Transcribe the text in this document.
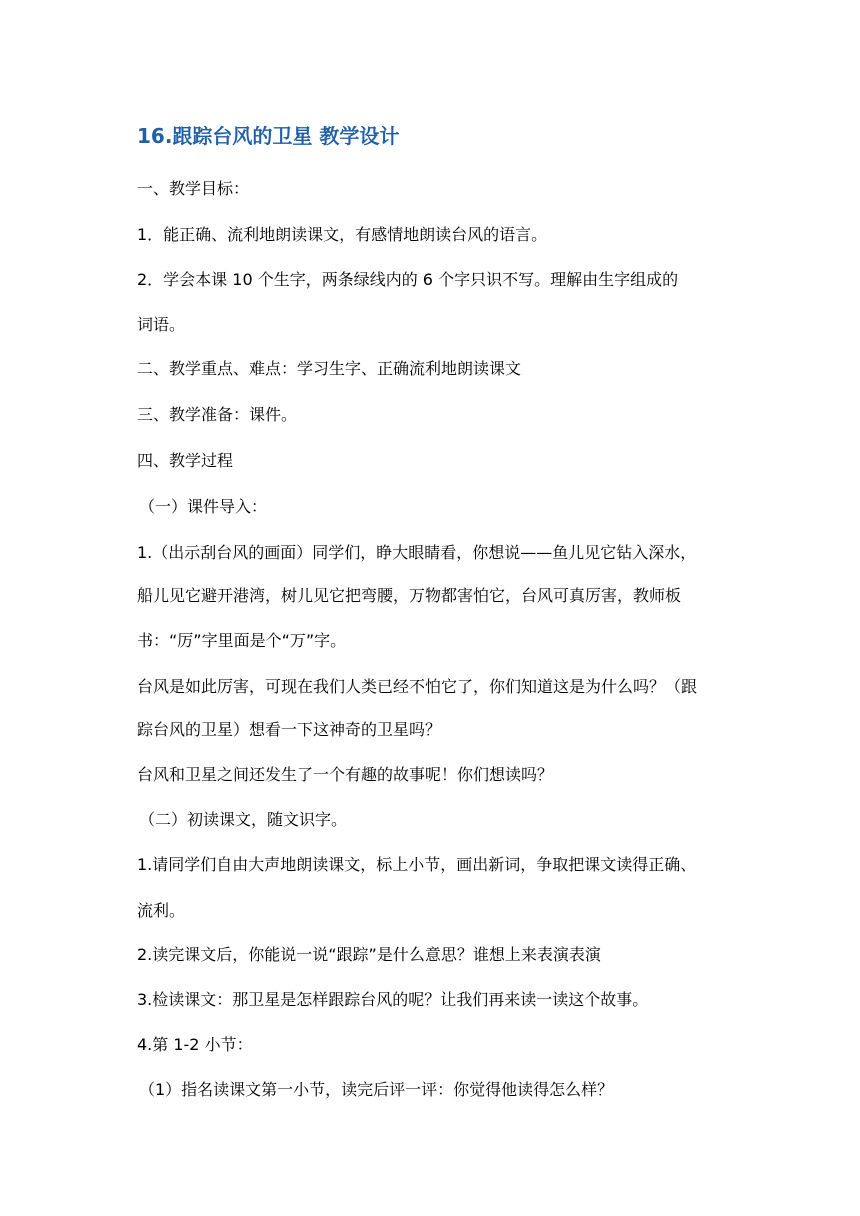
16.跟踪台风的卫星 教学设计
一、教学目标：
1．能正确、流利地朗读课文，有感情地朗读台风的语言。
2．学会本课 10 个生字，两条绿线内的 6 个字只识不写。理解由生字组成的
词语。
二、教学重点、难点：学习生字、正确流利地朗读课文
三、教学准备：课件。
四、教学过程
（一）课件导入：
1.（出示刮台风的画面）同学们，睁大眼睛看，你想说——鱼儿见它钻入深水，
船儿见它避开港湾，树儿见它把弯腰，万物都害怕它，台风可真厉害，教师板
书：“厉”字里面是个“万”字。
台风是如此厉害，可现在我们人类已经不怕它了，你们知道这是为什么吗？（跟
踪台风的卫星）想看一下这神奇的卫星吗？
台风和卫星之间还发生了一个有趣的故事呢！你们想读吗？
（二）初读课文，随文识字。
1.请同学们自由大声地朗读课文，标上小节，画出新词，争取把课文读得正确、
流利。
2.读完课文后，你能说一说“跟踪”是什么意思？谁想上来表演表演
3.检读课文：那卫星是怎样跟踪台风的呢？让我们再来读一读这个故事。
4.第 1-2 小节：
（1）指名读课文第一小节，读完后评一评：你觉得他读得怎么样？
